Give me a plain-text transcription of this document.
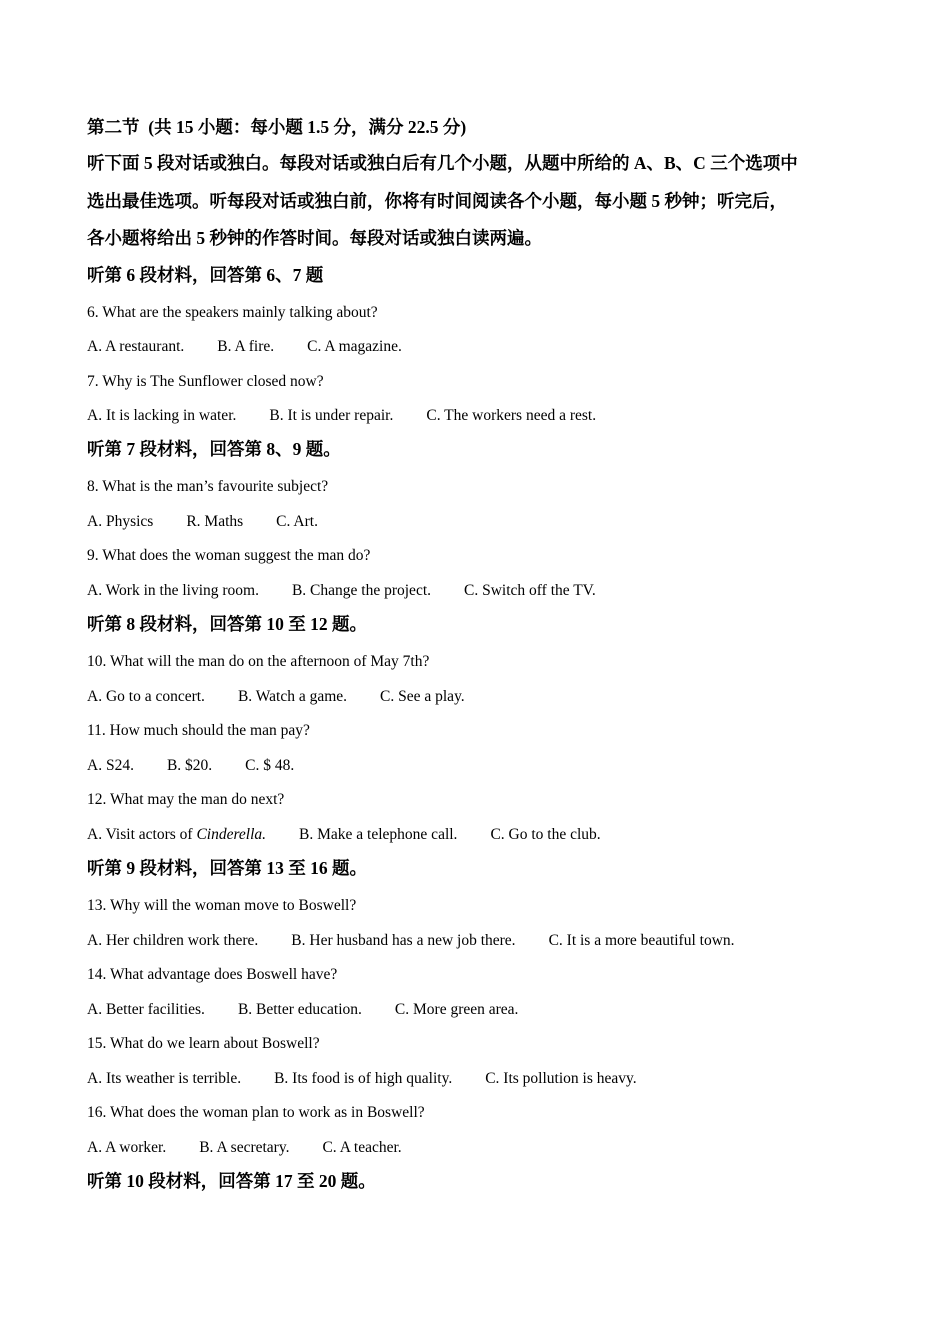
第二节  (共 15 小题：每小题 1.5 分，满分 22.5 分)
听下面 5 段对话或独白。每段对话或独白后有几个小题，从题中所给的 A、B、C 三个选项中
选出最佳选项。听每段对话或独白前，你将有时间阅读各个小题，每小题 5 秒钟；听完后，
各小题将给出 5 秒钟的作答时间。每段对话或独白读两遍。
听第 6 段材料，回答第 6、7 题
6. What are the speakers mainly talking about?
A. A restaurant. B. A fire. C. A magazine.
7. Why is The Sunflower closed now?
A. It is lacking in water. B. It is under repair. C. The workers need a rest.
听第 7 段材料，回答第 8、9 题。
8. What is the man’s favourite subject?
A. Physics R. Maths C. Art.
9. What does the woman suggest the man do?
A. Work in the living room. B. Change the project. C. Switch off the TV.
听第 8 段材料，回答第 10 至 12 题。
10. What will the man do on the afternoon of May 7th?
A. Go to a concert. B. Watch a game. C. See a play.
11. How much should the man pay?
A. S24. B. $20. C. $ 48.
12. What may the man do next?
A. Visit actors of Cinderella. B. Make a telephone call. C. Go to the club.
听第 9 段材料，回答第 13 至 16 题。
13. Why will the woman move to Boswell?
A. Her children work there. B. Her husband has a new job there. C. It is a more beautiful town.
14. What advantage does Boswell have?
A. Better facilities. B. Better education. C. More green area.
15. What do we learn about Boswell?
A. Its weather is terrible. B. Its food is of high quality. C. Its pollution is heavy.
16. What does the woman plan to work as in Boswell?
A. A worker. B. A secretary. C. A teacher.
听第 10 段材料，回答第 17 至 20 题。
